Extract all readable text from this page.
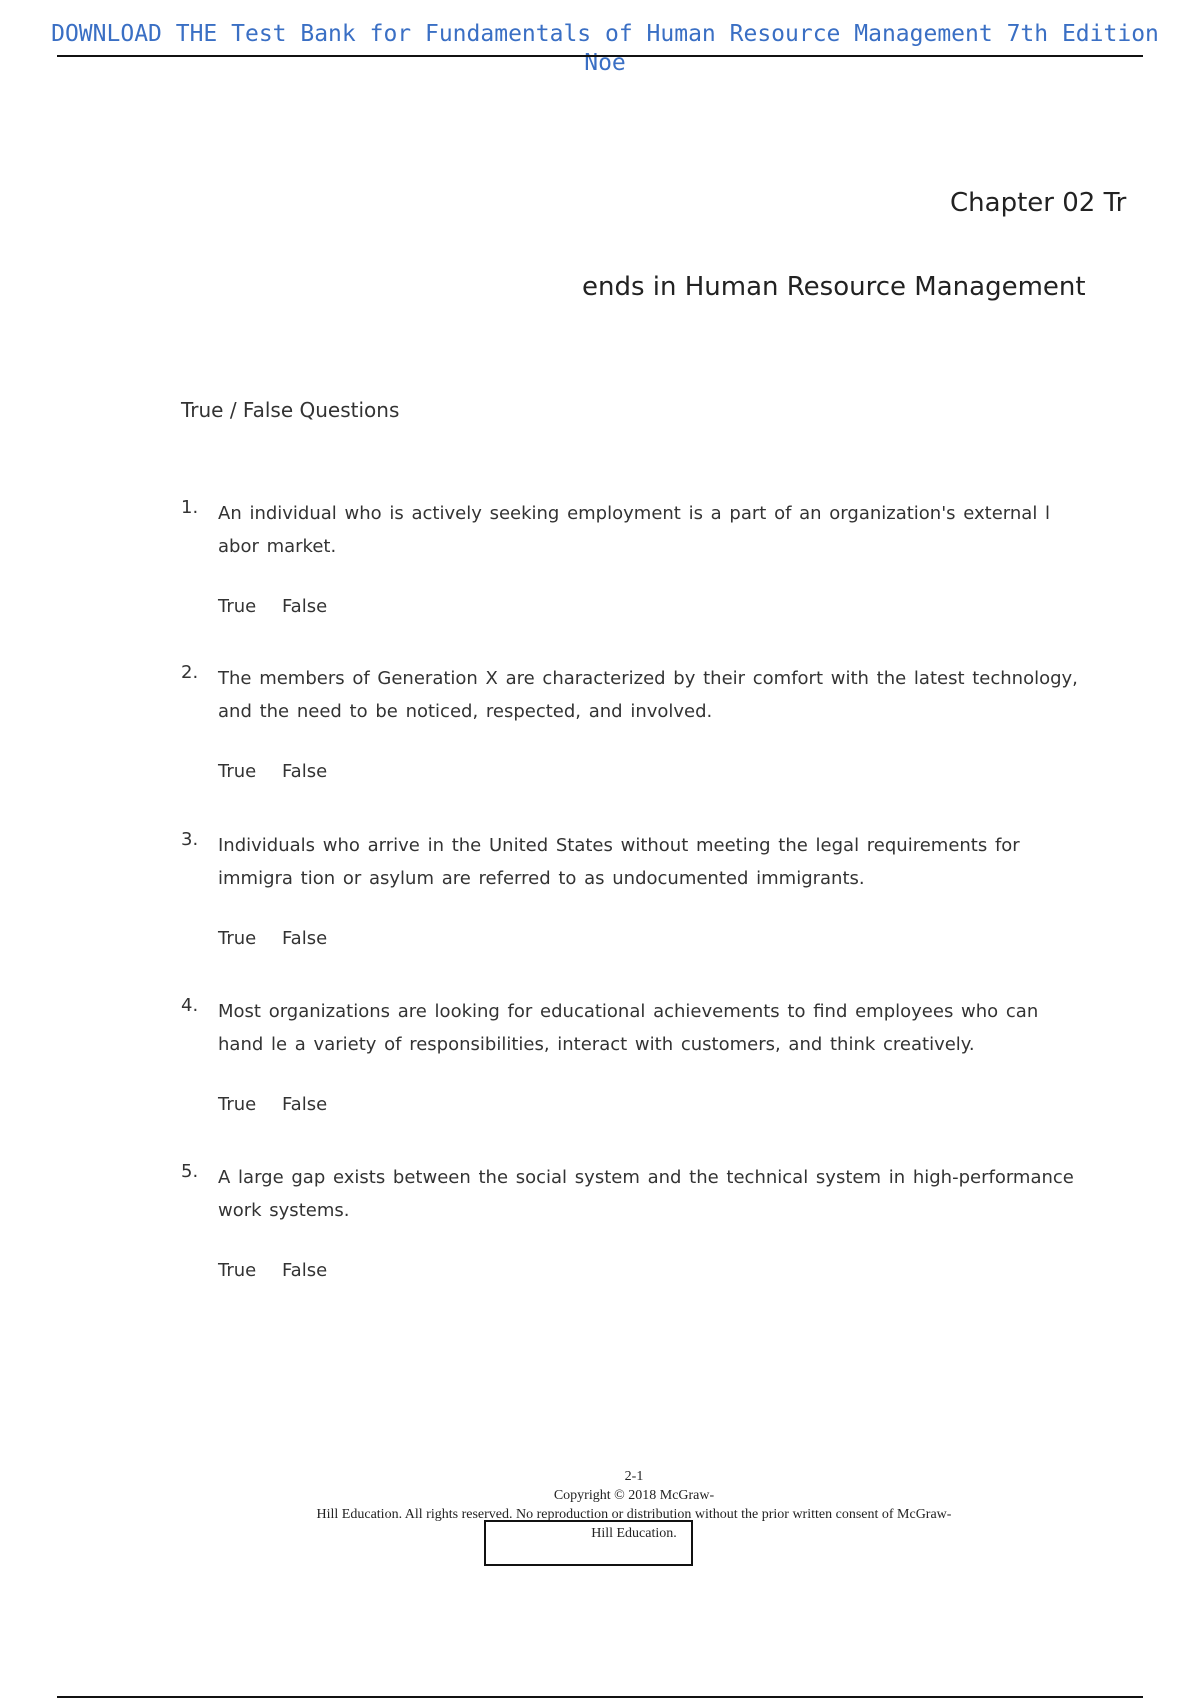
DOWNLOAD THE Test Bank for Fundamentals of Human Resource Management 7th Edition Noe
Chapter 02 Tr
ends in Human Resource Management
True / False Questions
1. An individual who is actively seeking employment is a part of an organization's external l abor market.
True False
2. The members of Generation X are characterized by their comfort with the latest technology, and the need to be noticed, respected, and involved.
True False
3. Individuals who arrive in the United States without meeting the legal requirements for immigra tion or asylum are referred to as undocumented immigrants.
True False
4. Most organizations are looking for educational achievements to find employees who can hand le a variety of responsibilities, interact with customers, and think creatively.
True False
5. A large gap exists between the social system and the technical system in high-performance work systems.
True False
2-1
Copyright © 2018 McGraw-
Hill Education. All rights reserved. No reproduction or distribution without the prior written consent of McGraw-
Hill Education.
